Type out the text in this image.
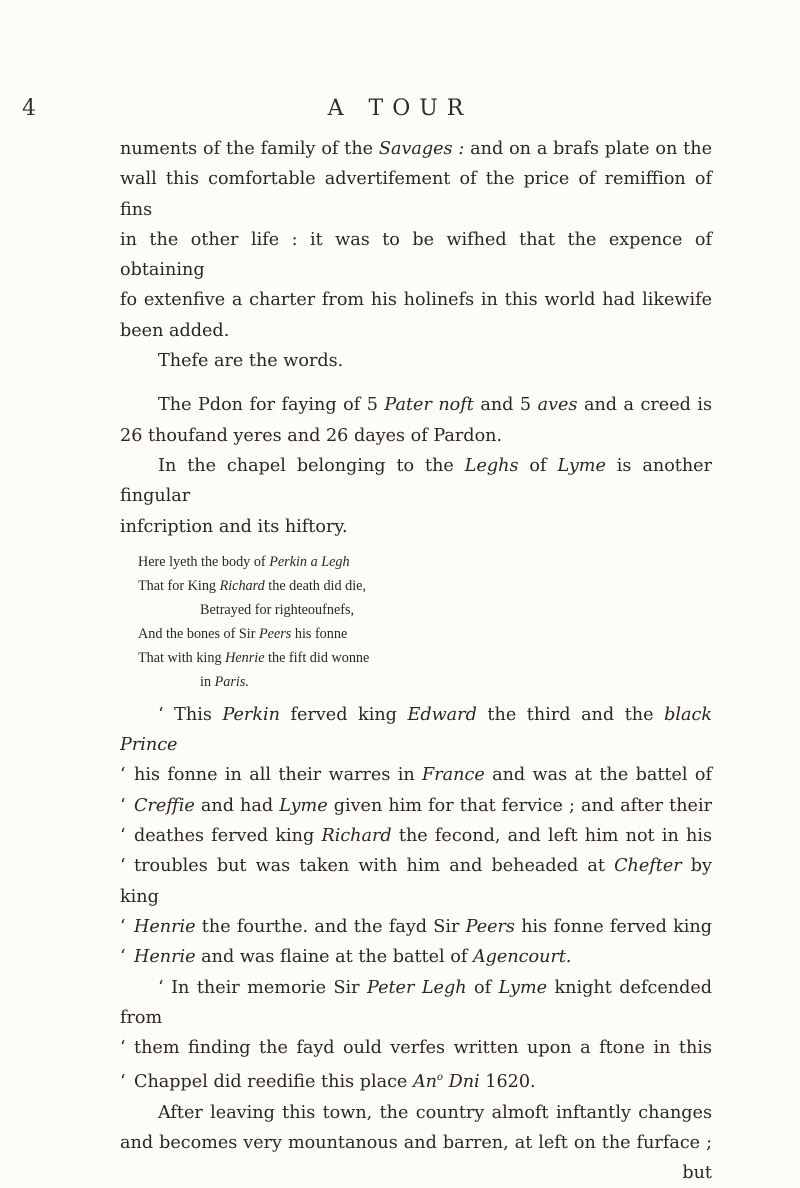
4	A TOUR

numents of the family of the Savages : and on a brafs plate on the

wall this comfortable advertifement of the price of remiffion of fins

in the other life : it was to be wifhed that the expence of obtaining

fo extenfive a charter from his holinefs in this world had likewife

been added.

Thefe are the words.

The Pdon for faying of 5 Pater noft and 5 aves and a creed is

26 thoufand yeres and 26 dayes of Pardon.

In the chapel belonging to the Leghs of Lyme is another fingular

infcription and its hiftory.

Here lyeth the body of Perkin a Legh

That for King Richard the death did die,

Betrayed for righteoufnefs,

And the bones of Sir Peers his fonne

That with king Henrie the fift did wonne

in Paris.

‘ This Perkin ferved king Edward the third and the black Prince

‘ his fonne in all their warres in France and was at the battel of

‘ Creffie and had Lyme given him for that fervice ; and after their

‘ deathes ferved king Richard the fecond, and left him not in his

‘ troubles but was taken with him and beheaded at Chefter by king

‘ Henrie the fourthe. and the fayd Sir Peers his fonne ferved king

‘ Henrie and was flaine at the battel of Agencourt.

‘ In their memorie Sir Peter Legh of Lyme knight defcended from

‘ them finding the fayd ould verfes written upon a ftone in this

‘ Chappel did reedifie this place An$^o$ Dni 1620.

After leaving this town, the country almoft inftantly changes

and becomes very mountanous and barren, at left on the furface ;

but
